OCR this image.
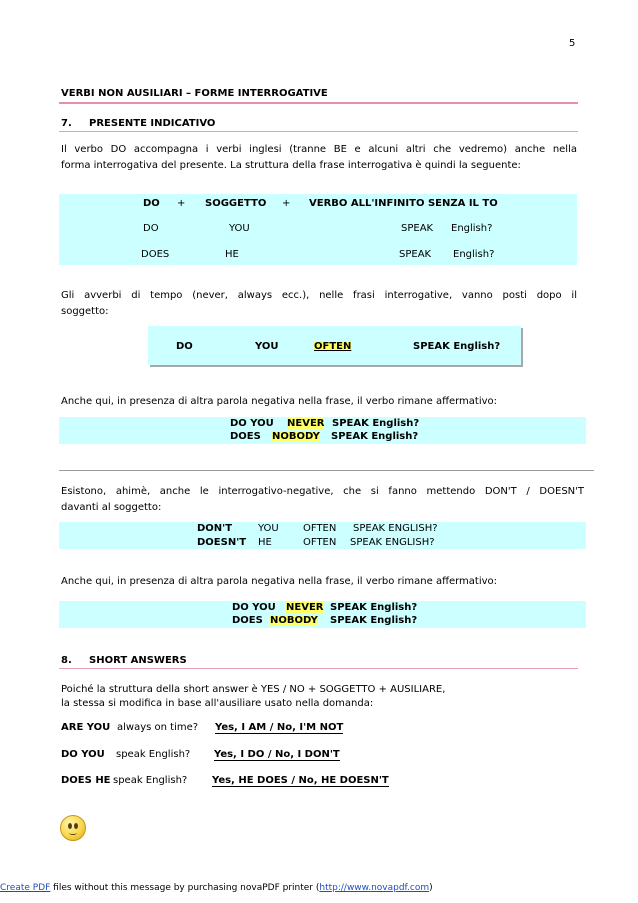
5
VERBI NON AUSILIARI – FORME INTERROGATIVE
7. PRESENTE INDICATIVO
Il verbo DO accompagna i verbi inglesi (tranne BE e alcuni altri che vedremo) anche nella
forma interrogativa del presente. La struttura della frase interrogativa è quindi la seguente:
DO + SOGGETTO + VERBO ALL'INFINITO SENZA IL TO
DO	YOU	SPEAK English?
DOES	HE	SPEAK English?
Gli avverbi di tempo (never, always ecc.), nelle frasi interrogative, vanno posti dopo il
soggetto:
DO	YOU	OFTEN	SPEAK English?
Anche qui, in presenza di altra parola negativa nella frase, il verbo rimane affermativo:
DO YOU NEVER SPEAK English?
DOES NOBODY SPEAK English?
Esistono, ahimè, anche le interrogativo-negative, che si fanno mettendo DON'T / DOESN'T
davanti al soggetto:
DON'T	YOU OFTEN SPEAK ENGLISH?
DOESN'T HE	OFTEN SPEAK ENGLISH?
Anche qui, in presenza di altra parola negativa nella frase, il verbo rimane affermativo:
DO YOU NEVER SPEAK English?
DOES NOBODY SPEAK English?
8. SHORT ANSWERS
Poiché la struttura della short answer è YES / NO + SOGGETTO + AUSILIARE,
la stessa si modifica in base all'ausiliare usato nella domanda:
ARE YOU always on time? Yes, I AM / No, I'M NOT
DO YOU speak English? Yes, I DO / No, I DON'T
DOES HE speak English? Yes, HE DOES / No, HE DOESN'T
Create PDF files without this message by purchasing novaPDF printer (http://www.novapdf.com)
